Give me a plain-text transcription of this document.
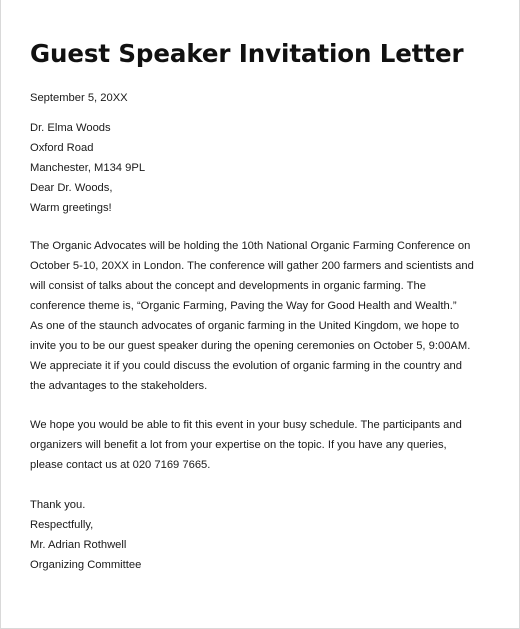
Guest Speaker Invitation Letter
September 5, 20XX
Dr. Elma Woods
Oxford Road
Manchester, M134 9PL
Dear Dr. Woods,
Warm greetings!
The Organic Advocates will be holding the 10th National Organic Farming Conference on
October 5-10, 20XX in London. The conference will gather 200 farmers and scientists and
will consist of talks about the concept and developments in organic farming. The
conference theme is, “Organic Farming, Paving the Way for Good Health and Wealth.”
As one of the staunch advocates of organic farming in the United Kingdom, we hope to
invite you to be our guest speaker during the opening ceremonies on October 5, 9:00AM.
We appreciate it if you could discuss the evolution of organic farming in the country and
the advantages to the stakeholders.
We hope you would be able to fit this event in your busy schedule. The participants and
organizers will benefit a lot from your expertise on the topic. If you have any queries,
please contact us at 020 7169 7665.
Thank you.
Respectfully,
Mr. Adrian Rothwell
Organizing Committee
